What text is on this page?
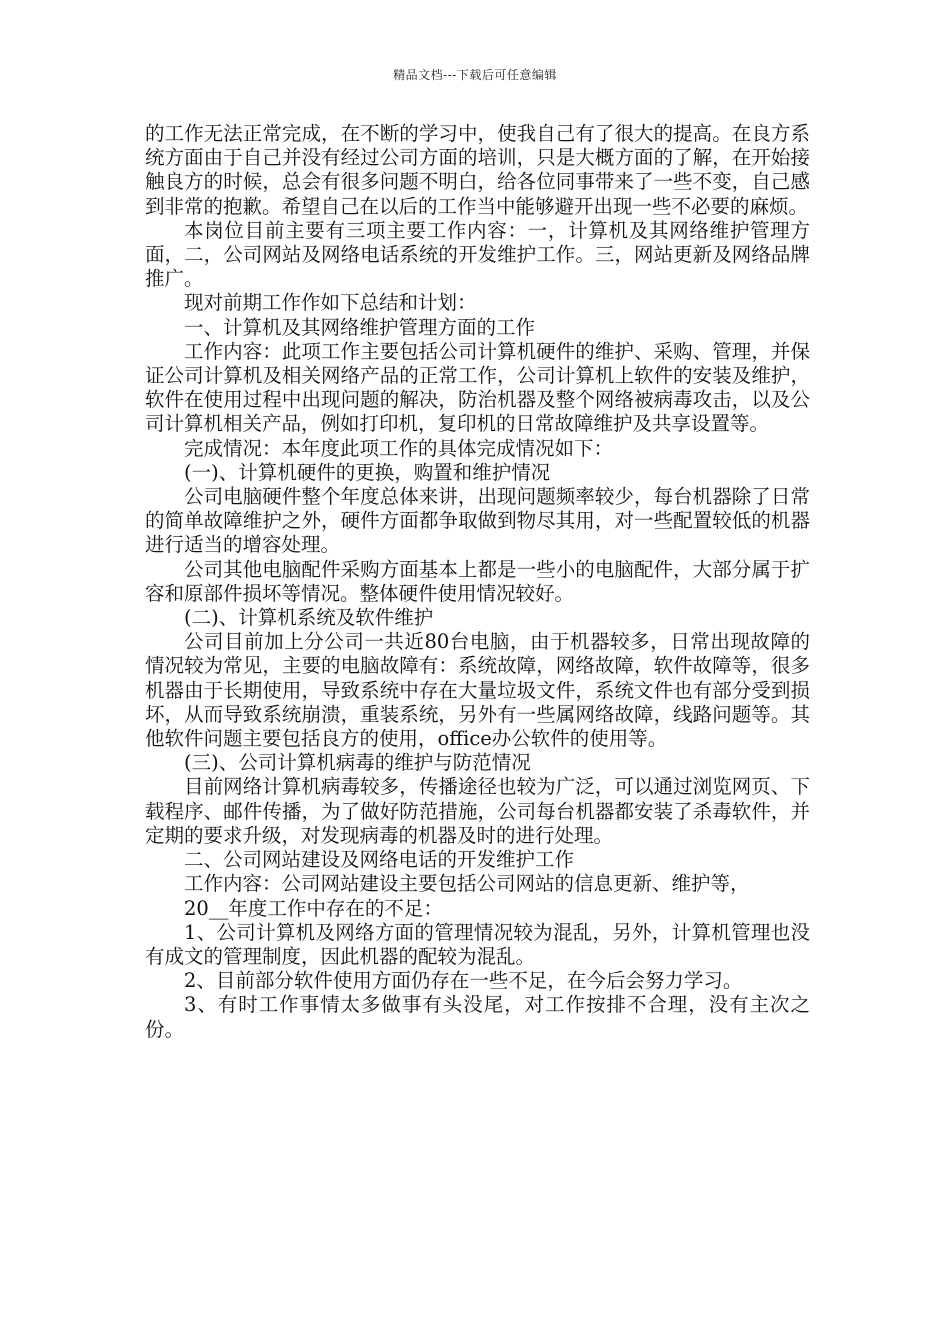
精品文档---下载后可任意编辑

的工作无法正常完成，在不断的学习中，使我自己有了很大的提高。在良方系统方面由于自己并没有经过公司方面的培训，只是大概方面的了解，在开始接触良方的时候，总会有很多问题不明白，给各位同事带来了一些不变，自己感到非常的抱歉。希望自己在以后的工作当中能够避开出现一些不必要的麻烦。

本岗位目前主要有三项主要工作内容：一，计算机及其网络维护管理方面，二，公司网站及网络电话系统的开发维护工作。三，网站更新及网络品牌推广。

现对前期工作作如下总结和计划：

一、计算机及其网络维护管理方面的工作

工作内容：此项工作主要包括公司计算机硬件的维护、采购、管理，并保证公司计算机及相关网络产品的正常工作，公司计算机上软件的安装及维护，软件在使用过程中出现问题的解决，防治机器及整个网络被病毒攻击，以及公司计算机相关产品，例如打印机，复印机的日常故障维护及共享设置等。

完成情况：本年度此项工作的具体完成情况如下：

(一)、计算机硬件的更换，购置和维护情况

公司电脑硬件整个年度总体来讲，出现问题频率较少，每台机器除了日常的简单故障维护之外，硬件方面都争取做到物尽其用，对一些配置较低的机器进行适当的增容处理。

公司其他电脑配件采购方面基本上都是一些小的电脑配件，大部分属于扩容和原部件损坏等情况。整体硬件使用情况较好。

(二)、计算机系统及软件维护

公司目前加上分公司一共近80台电脑，由于机器较多，日常出现故障的情况较为常见，主要的电脑故障有：系统故障，网络故障，软件故障等，很多机器由于长期使用，导致系统中存在大量垃圾文件，系统文件也有部分受到损坏，从而导致系统崩溃，重装系统，另外有一些属网络故障，线路问题等。其他软件问题主要包括良方的使用，office办公软件的使用等。

(三)、公司计算机病毒的维护与防范情况

目前网络计算机病毒较多，传播途径也较为广泛，可以通过浏览网页、下载程序、邮件传播，为了做好防范措施，公司每台机器都安装了杀毒软件，并定期的要求升级，对发现病毒的机器及时的进行处理。

二、公司网站建设及网络电话的开发维护工作

工作内容：公司网站建设主要包括公司网站的信息更新、维护等，

20__年度工作中存在的不足：

1、公司计算机及网络方面的管理情况较为混乱，另外，计算机管理也没有成文的管理制度，因此机器的配较为混乱。

2、目前部分软件使用方面仍存在一些不足，在今后会努力学习。

3、有时工作事情太多做事有头没尾，对工作按排不合理，没有主次之份。
